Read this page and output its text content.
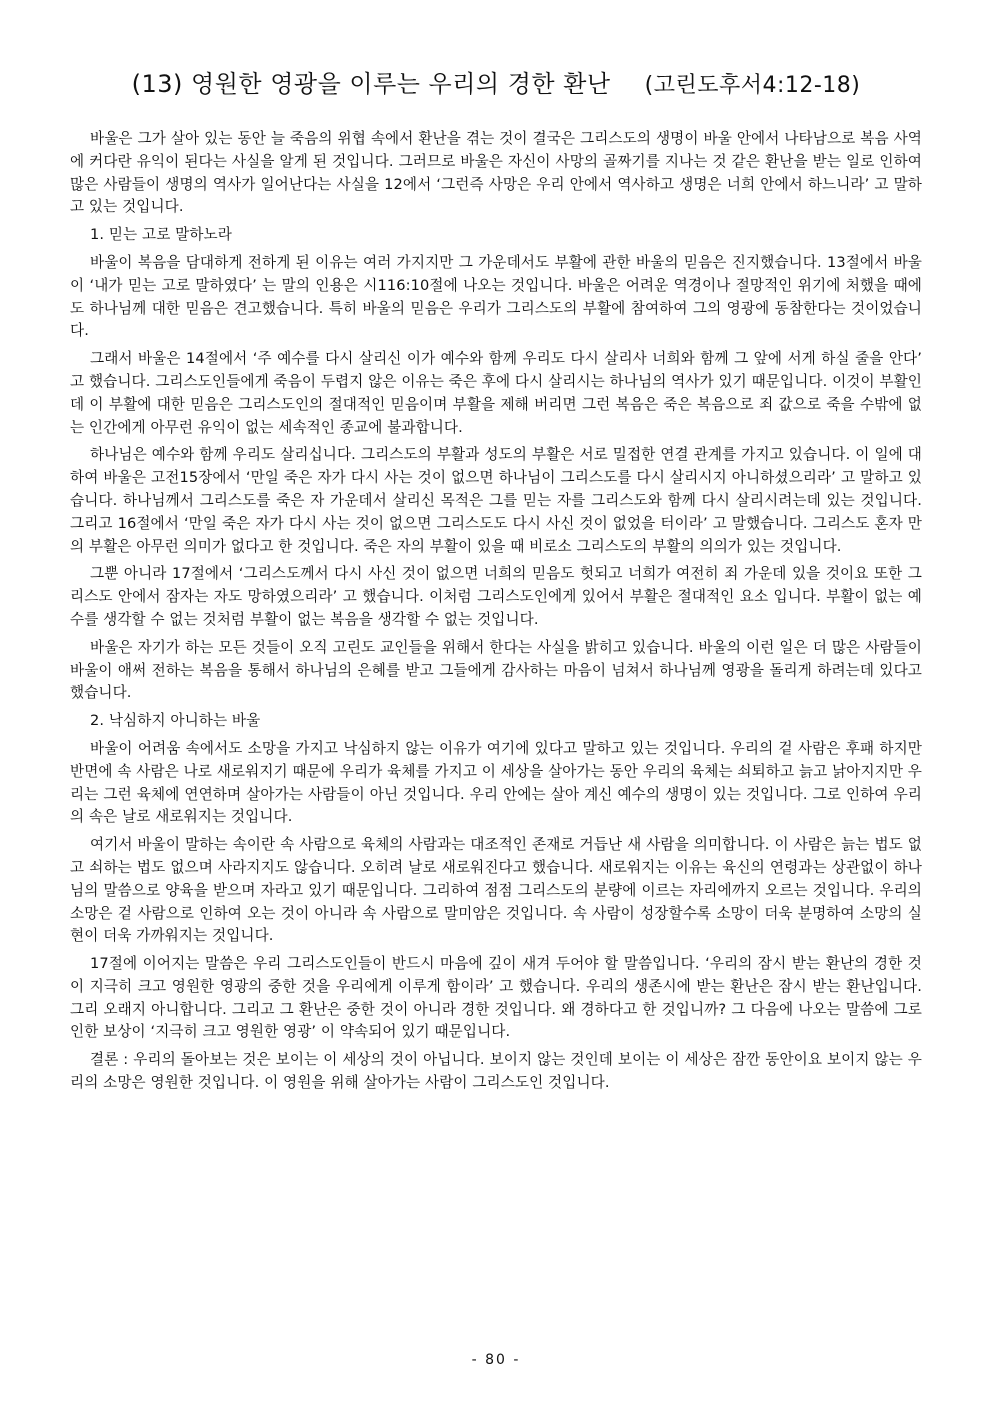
(13) 영원한 영광을 이루는 우리의 경한 환난 (고린도후서4:12-18)

바울은 그가 살아 있는 동안 늘 죽음의 위협 속에서 환난을 겪는 것이 결국은 그리스도의 생명이 바울 안에서 나타남으로 복음 사역에 커다란 유익이 된다는 사실을 알게 된 것입니다. 그러므로 바울은 자신이 사망의 골짜기를 지나는 것 같은 환난을 받는 일로 인하여 많은 사람들이 생명의 역사가 일어난다는 사실을 12에서 ‘그런즉 사망은 우리 안에서 역사하고 생명은 너희 안에서 하느니라’ 고 말하고 있는 것입니다.

1. 믿는 고로 말하노라

바울이 복음을 담대하게 전하게 된 이유는 여러 가지지만 그 가운데서도 부활에 관한 바울의 믿음은 진지했습니다. 13절에서 바울이 ‘내가 믿는 고로 말하였다’ 는 말의 인용은 시116:10절에 나오는 것입니다. 바울은 어려운 역경이나 절망적인 위기에 처했을 때에도 하나님께 대한 믿음은 견고했습니다. 특히 바울의 믿음은 우리가 그리스도의 부활에 참여하여 그의 영광에 동참한다는 것이었습니다.

그래서 바울은 14절에서 ‘주 예수를 다시 살리신 이가 예수와 함께 우리도 다시 살리사 너희와 함께 그 앞에 서게 하실 줄을 안다’ 고 했습니다. 그리스도인들에게 죽음이 두렵지 않은 이유는 죽은 후에 다시 살리시는 하나님의 역사가 있기 때문입니다. 이것이 부활인데 이 부활에 대한 믿음은 그리스도인의 절대적인 믿음이며 부활을 제해 버리면 그런 복음은 죽은 복음으로 죄 값으로 죽을 수밖에 없는 인간에게 아무런 유익이 없는 세속적인 종교에 불과합니다.

하나님은 예수와 함께 우리도 살리십니다. 그리스도의 부활과 성도의 부활은 서로 밀접한 연결 관계를 가지고 있습니다. 이 일에 대하여 바울은 고전15장에서 ‘만일 죽은 자가 다시 사는 것이 없으면 하나님이 그리스도를 다시 살리시지 아니하셨으리라’ 고 말하고 있습니다. 하나님께서 그리스도를 죽은 자 가운데서 살리신 목적은 그를 믿는 자를 그리스도와 함께 다시 살리시려는데 있는 것입니다. 그리고 16절에서 ‘만일 죽은 자가 다시 사는 것이 없으면 그리스도도 다시 사신 것이 없었을 터이라’ 고 말했습니다. 그리스도 혼자 만의 부활은 아무런 의미가 없다고 한 것입니다. 죽은 자의 부활이 있을 때 비로소 그리스도의 부활의 의의가 있는 것입니다.

그뿐 아니라 17절에서 ‘그리스도께서 다시 사신 것이 없으면 너희의 믿음도 헛되고 너희가 여전히 죄 가운데 있을 것이요 또한 그리스도 안에서 잠자는 자도 망하였으리라’ 고 했습니다. 이처럼 그리스도인에게 있어서 부활은 절대적인 요소 입니다. 부활이 없는 예수를 생각할 수 없는 것처럼 부활이 없는 복음을 생각할 수 없는 것입니다.

바울은 자기가 하는 모든 것들이 오직 고린도 교인들을 위해서 한다는 사실을 밝히고 있습니다. 바울의 이런 일은 더 많은 사람들이 바울이 애써 전하는 복음을 통해서 하나님의 은혜를 받고 그들에게 감사하는 마음이 넘쳐서 하나님께 영광을 돌리게 하려는데 있다고 했습니다.

2. 낙심하지 아니하는 바울

바울이 어려움 속에서도 소망을 가지고 낙심하지 않는 이유가 여기에 있다고 말하고 있는 것입니다. 우리의 겉 사람은 후패 하지만 반면에 속 사람은 나로 새로워지기 때문에 우리가 육체를 가지고 이 세상을 살아가는 동안 우리의 육체는 쇠퇴하고 늙고 낡아지지만 우리는 그런 육체에 연연하며 살아가는 사람들이 아닌 것입니다. 우리 안에는 살아 계신 예수의 생명이 있는 것입니다. 그로 인하여 우리의 속은 날로 새로워지는 것입니다.

여기서 바울이 말하는 속이란 속 사람으로 육체의 사람과는 대조적인 존재로 거듭난 새 사람을 의미합니다. 이 사람은 늙는 법도 없고 쇠하는 법도 없으며 사라지지도 않습니다. 오히려 날로 새로워진다고 했습니다. 새로워지는 이유는 육신의 연령과는 상관없이 하나님의 말씀으로 양육을 받으며 자라고 있기 때문입니다. 그리하여 점점 그리스도의 분량에 이르는 자리에까지 오르는 것입니다. 우리의 소망은 겉 사람으로 인하여 오는 것이 아니라 속 사람으로 말미암은 것입니다. 속 사람이 성장할수록 소망이 더욱 분명하여 소망의 실현이 더욱 가까워지는 것입니다.

17절에 이어지는 말씀은 우리 그리스도인들이 반드시 마음에 깊이 새겨 두어야 할 말씀입니다. ‘우리의 잠시 받는 환난의 경한 것이 지극히 크고 영원한 영광의 중한 것을 우리에게 이루게 함이라’ 고 했습니다. 우리의 생존시에 받는 환난은 잠시 받는 환난입니다. 그리 오래지 아니합니다. 그리고 그 환난은 중한 것이 아니라 경한 것입니다. 왜 경하다고 한 것입니까? 그 다음에 나오는 말씀에 그로 인한 보상이 ‘지극히 크고 영원한 영광’ 이 약속되어 있기 때문입니다.

결론 : 우리의 돌아보는 것은 보이는 이 세상의 것이 아닙니다. 보이지 않는 것인데 보이는 이 세상은 잠깐 동안이요 보이지 않는 우리의 소망은 영원한 것입니다. 이 영원을 위해 살아가는 사람이 그리스도인 것입니다.

- 80 -
